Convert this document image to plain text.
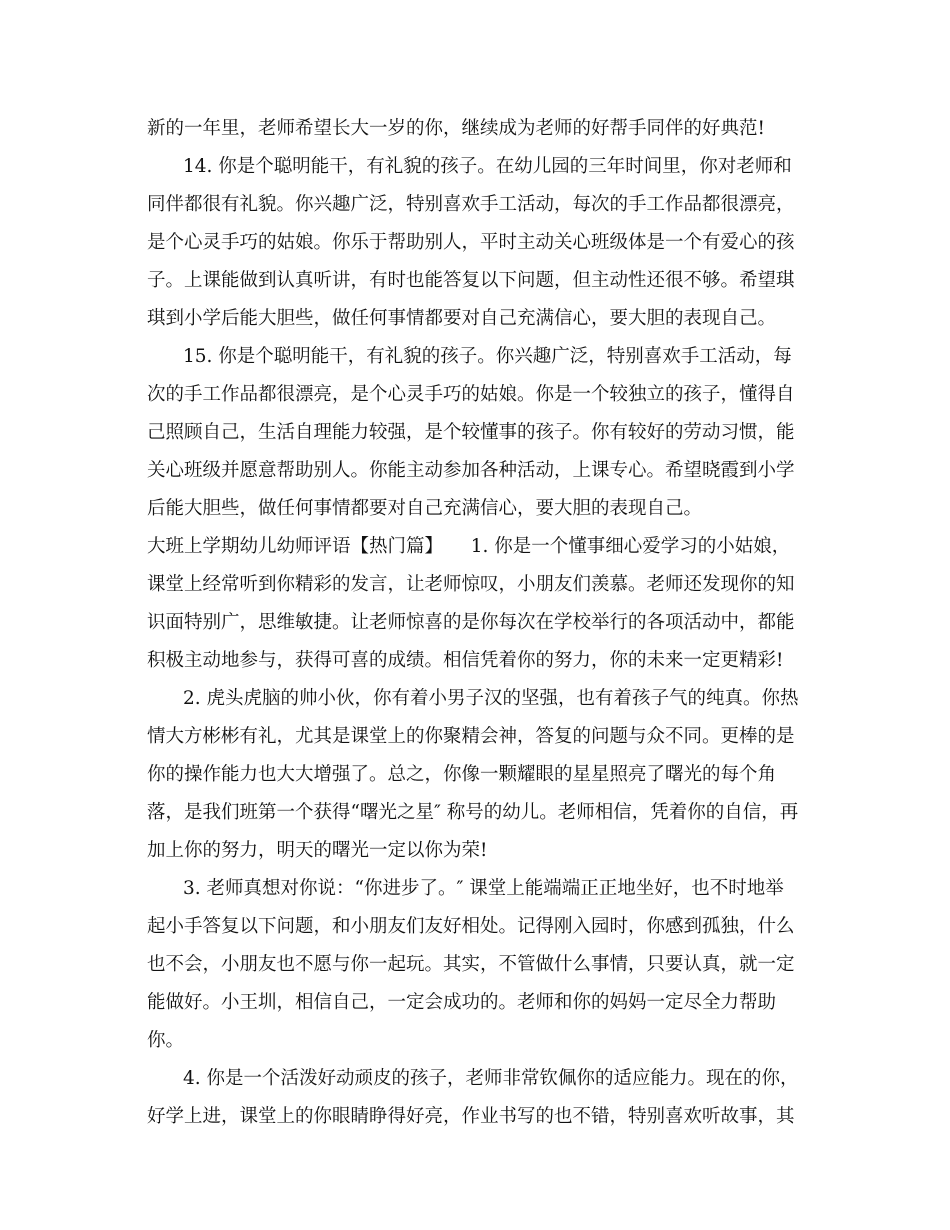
新的一年里，老师希望长大一岁的你，继续成为老师的好帮手同伴的好典范!
14. 你是个聪明能干，有礼貌的孩子。在幼儿园的三年时间里，你对老师和
同伴都很有礼貌。你兴趣广泛，特别喜欢手工活动，每次的手工作品都很漂亮，
是个心灵手巧的姑娘。你乐于帮助别人，平时主动关心班级体是一个有爱心的孩
子。上课能做到认真听讲，有时也能答复以下问题，但主动性还很不够。希望琪
琪到小学后能大胆些，做任何事情都要对自己充满信心，要大胆的表现自己。
15. 你是个聪明能干，有礼貌的孩子。你兴趣广泛，特别喜欢手工活动，每
次的手工作品都很漂亮，是个心灵手巧的姑娘。你是一个较独立的孩子，懂得自
己照顾自己，生活自理能力较强，是个较懂事的孩子。你有较好的劳动习惯，能
关心班级并愿意帮助别人。你能主动参加各种活动，上课专心。希望晓霞到小学
后能大胆些，做任何事情都要对自己充满信心，要大胆的表现自己。
大班上学期幼儿幼师评语【热门篇】　　1. 你是一个懂事细心爱学习的小姑娘，
课堂上经常听到你精彩的发言，让老师惊叹，小朋友们羡慕。老师还发现你的知
识面特别广，思维敏捷。让老师惊喜的是你每次在学校举行的各项活动中，都能
积极主动地参与，获得可喜的成绩。相信凭着你的努力，你的未来一定更精彩!
2. 虎头虎脑的帅小伙，你有着小男子汉的坚强，也有着孩子气的纯真。你热
情大方彬彬有礼，尤其是课堂上的你聚精会神，答复的问题与众不同。更棒的是
你的操作能力也大大增强了。总之，你像一颗耀眼的星星照亮了曙光的每个角
落，是我们班第一个获得“曙光之星″ 称号的幼儿。老师相信，凭着你的自信，再
加上你的努力，明天的曙光一定以你为荣!
3. 老师真想对你说：“你进步了。″ 课堂上能端端正正地坐好，也不时地举
起小手答复以下问题，和小朋友们友好相处。记得刚入园时，你感到孤独，什么
也不会，小朋友也不愿与你一起玩。其实，不管做什么事情，只要认真，就一定
能做好。小王圳，相信自己，一定会成功的。老师和你的妈妈一定尽全力帮助
你。
4. 你是一个活泼好动顽皮的孩子，老师非常钦佩你的适应能力。现在的你，
好学上进，课堂上的你眼睛睁得好亮，作业书写的也不错，特别喜欢听故事，其
